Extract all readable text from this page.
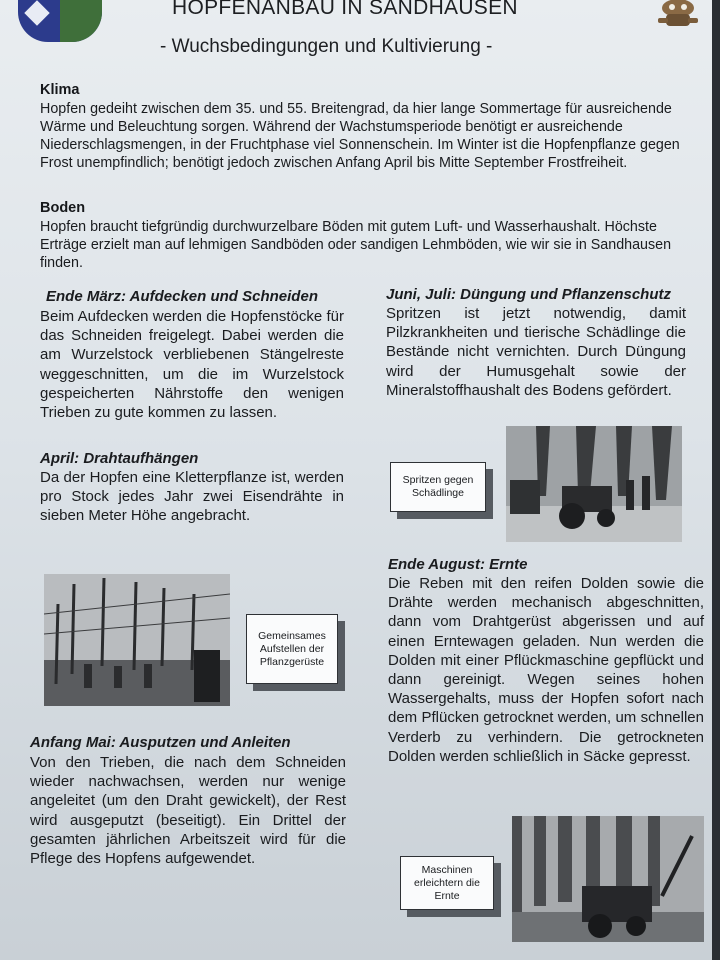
HOPFENANBAU IN SANDHAUSEN
- Wuchsbedingungen und Kultivierung -
Klima

Hopfen gedeiht zwischen dem 35. und 55. Breitengrad, da hier lange Sommertage für ausreichende Wärme und Beleuchtung sorgen. Während der Wachstumsperiode benötigt er ausreichende Niederschlagsmengen, in der Fruchtphase viel Sonnenschein. Im Winter ist die Hopfenpflanze gegen Frost unempfindlich; benötigt jedoch zwischen Anfang April bis Mitte September Frostfreiheit.

Boden

Hopfen braucht tiefgründig durchwurzelbare Böden mit gutem Luft- und Wasserhaushalt. Höchste Erträge erzielt man auf lehmigen Sandböden oder sandigen Lehmböden, wie wir sie in Sandhausen finden.

Ende März: Aufdecken und Schneiden

Beim Aufdecken werden die Hopfenstöcke für das Schneiden freigelegt. Dabei werden die am Wurzelstock verbliebenen Stängelreste weggeschnitten, um die im Wurzelstock gespeicherten Nährstoffe den wenigen Trieben zu gute kommen zu lassen.

April: Drahtaufhängen

Da der Hopfen eine Kletterpflanze ist, werden pro Stock jedes Jahr zwei Eisendrähte in sieben Meter Höhe angebracht.

Gemeinsames Aufstellen der Pflanzgerüste
Anfang Mai: Ausputzen und Anleiten

Von den Trieben, die nach dem Schneiden wieder nachwachsen, werden nur wenige angeleitet (um den Draht gewickelt), der Rest wird ausgeputzt (beseitigt). Ein Drittel der gesamten jährlichen Arbeitszeit wird für die Pflege des Hopfens aufgewendet.

Juni, Juli: Düngung und Pflanzenschutz

Spritzen ist jetzt notwendig, damit Pilzkrankheiten und tierische Schädlinge die Bestände nicht vernichten. Durch Düngung wird der Humusgehalt sowie der Mineralstoffhaushalt des Bodens gefördert.

Spritzen gegen Schädlinge
Ende August: Ernte

Die Reben mit den reifen Dolden sowie die Drähte werden mechanisch abgeschnitten, dann vom Drahtgerüst abgerissen und auf einen Erntewagen geladen. Nun werden die Dolden mit einer Pflückmaschine gepflückt und dann gereinigt. Wegen seines hohen Wassergehalts, muss der Hopfen sofort nach dem Pflücken getrocknet werden, um schnellen Verderb zu verhindern. Die getrockneten Dolden werden schließlich in Säcke gepresst.

Maschinen erleichtern die Ernte
